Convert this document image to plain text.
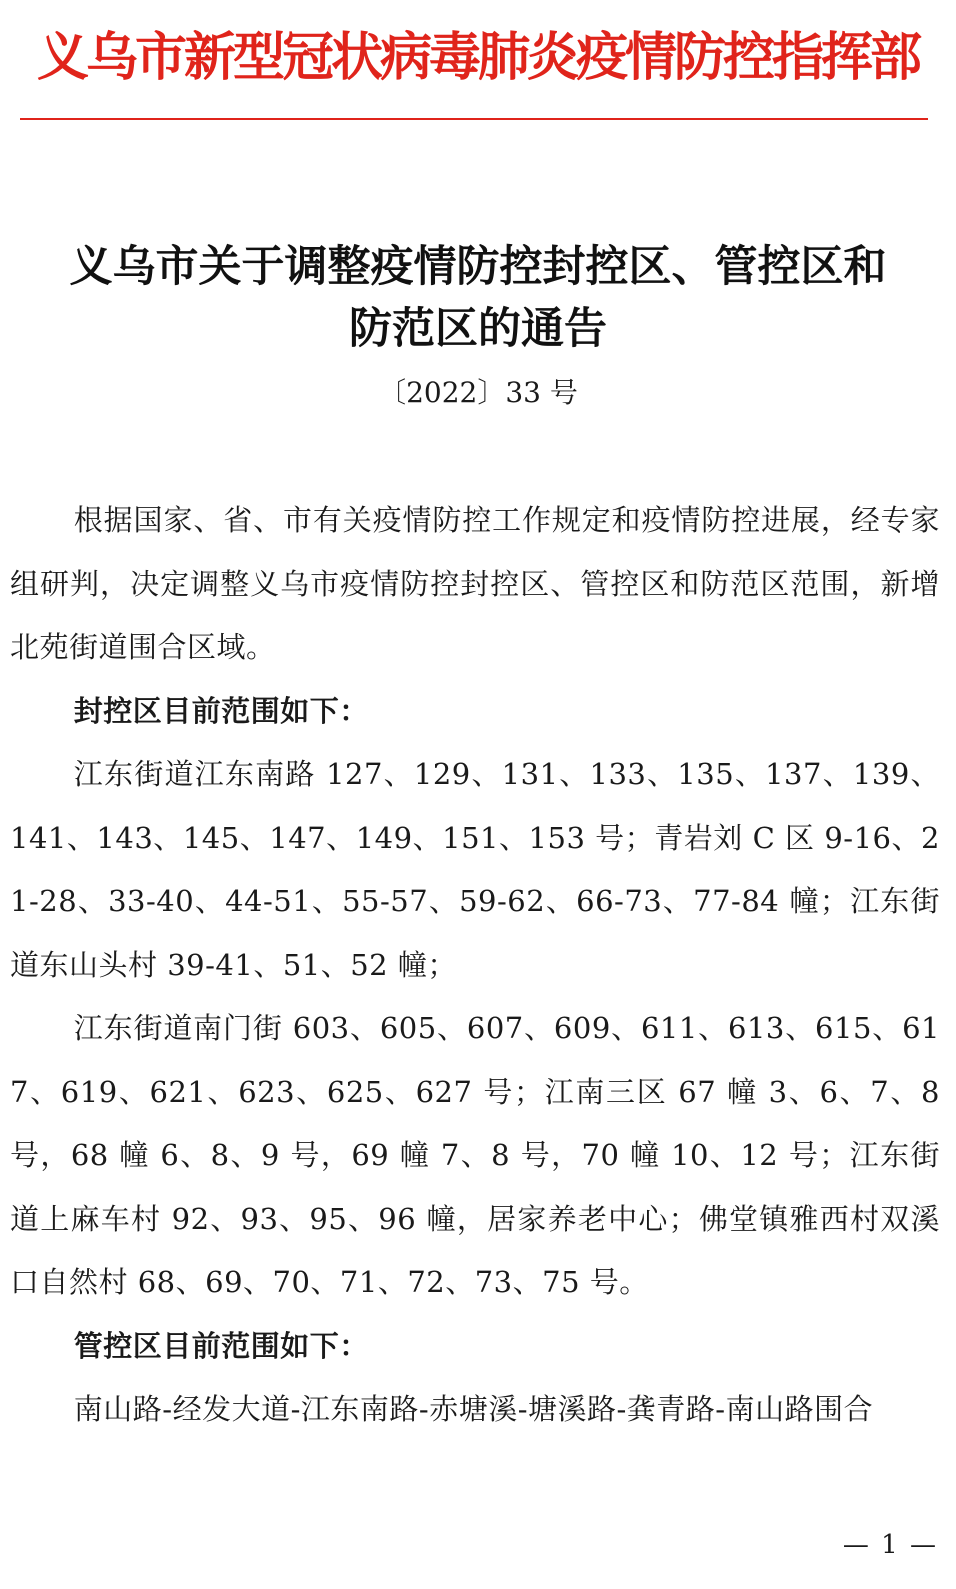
义乌市新型冠状病毒肺炎疫情防控指挥部
义乌市关于调整疫情防控封控区、管控区和
防范区的通告
〔2022〕33 号

根据国家、省、市有关疫情防控工作规定和疫情防控进展，经专家组研判，决定调整义乌市疫情防控封控区、管控区和防范区范围，新增北苑街道围合区域。

封控区目前范围如下：

江东街道江东南路 127、129、131、133、135、137、139、141、143、145、147、149、151、153 号；青岩刘 C 区 9-16、21-28、33-40、44-51、55-57、59-62、66-73、77-84 幢；江东街道东山头村 39-41、51、52 幢；

江东街道南门街 603、605、607、609、611、613、615、617、619、621、623、625、627 号；江南三区 67 幢 3、6、7、8 号，68 幢 6、8、9 号，69 幢 7、8 号，70 幢 10、12 号；江东街道上麻车村 92、93、95、96 幢，居家养老中心；佛堂镇雅西村双溪口自然村 68、69、70、71、72、73、75 号。

管控区目前范围如下：

南山路-经发大道-江东南路-赤塘溪-塘溪路-龚青路-南山路围合

— 1 —
